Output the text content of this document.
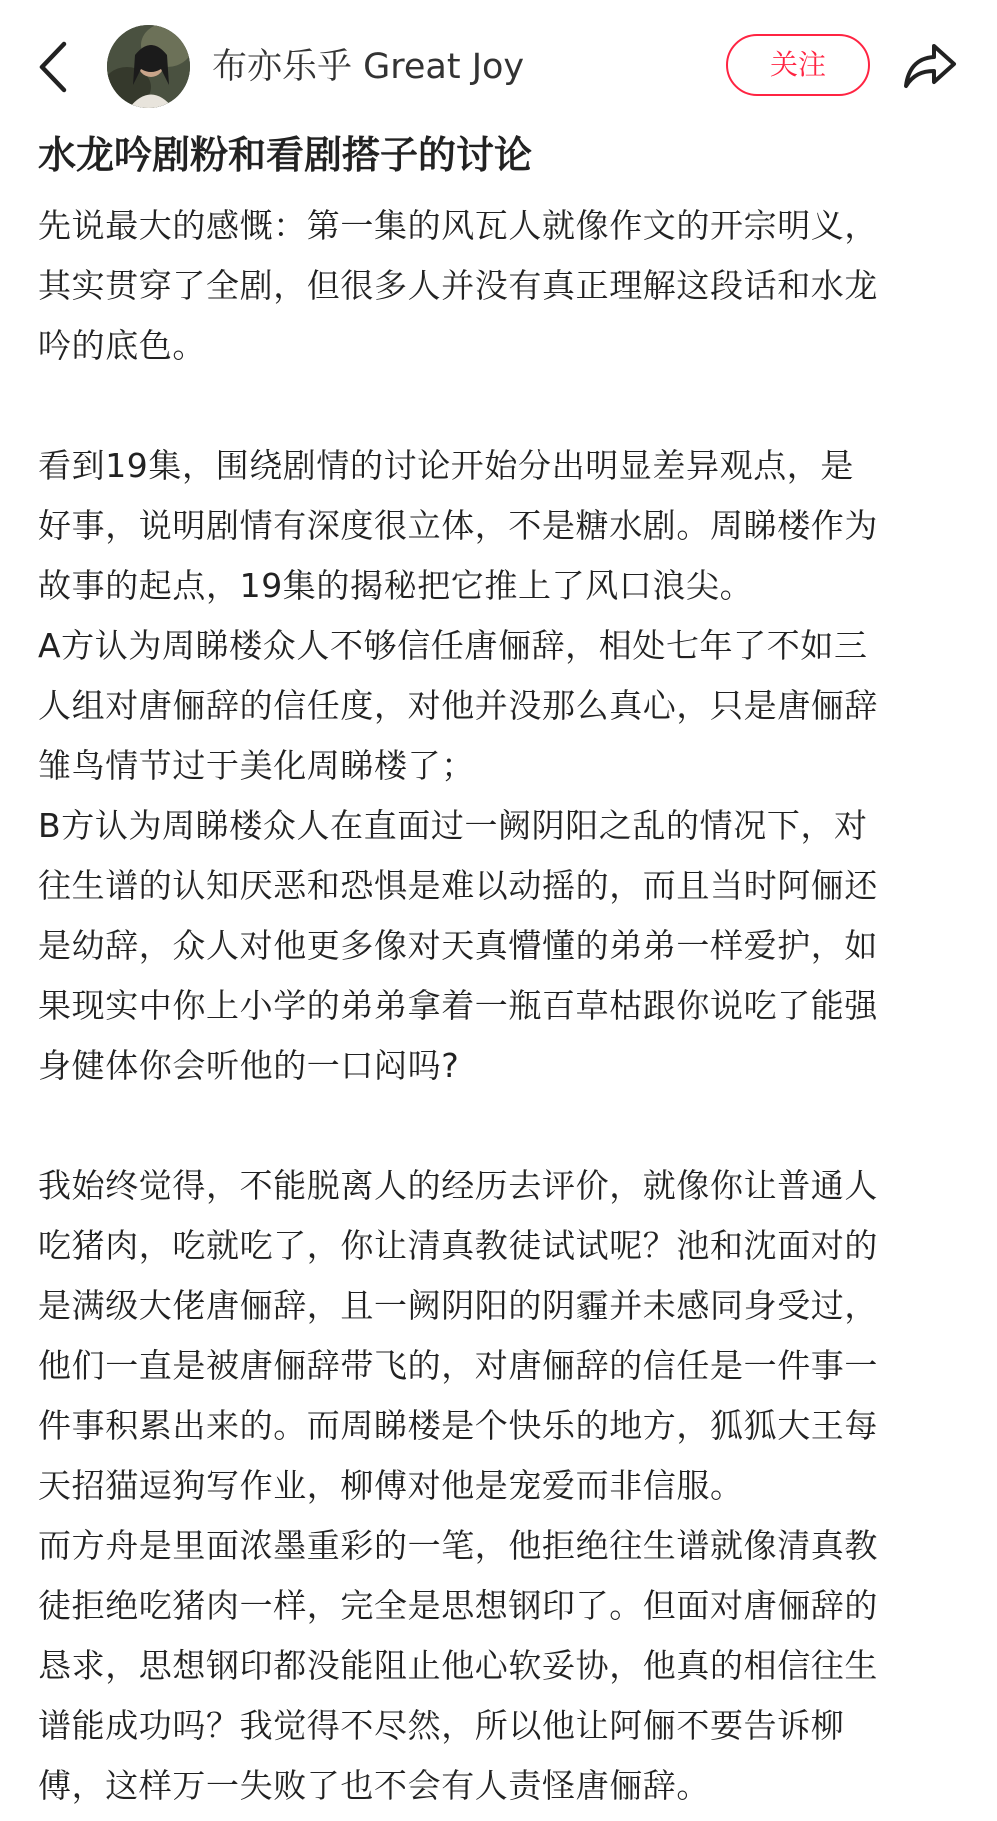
布亦乐乎 Great Joy	关注
水龙吟剧粉和看剧搭子的讨论
先说最大的感慨：第一集的风瓦人就像作文的开宗明义，
其实贯穿了全剧，但很多人并没有真正理解这段话和水龙
吟的底色。
看到19集，围绕剧情的讨论开始分出明显差异观点，是
好事，说明剧情有深度很立体，不是糖水剧。周睇楼作为
故事的起点，19集的揭秘把它推上了风口浪尖。
A方认为周睇楼众人不够信任唐俪辞，相处七年了不如三
人组对唐俪辞的信任度，对他并没那么真心，只是唐俪辞
雏鸟情节过于美化周睇楼了；
B方认为周睇楼众人在直面过一阙阴阳之乱的情况下，对
往生谱的认知厌恶和恐惧是难以动摇的，而且当时阿俪还
是幼辞，众人对他更多像对天真懵懂的弟弟一样爱护，如
果现实中你上小学的弟弟拿着一瓶百草枯跟你说吃了能强
身健体你会听他的一口闷吗?
我始终觉得，不能脱离人的经历去评价，就像你让普通人
吃猪肉，吃就吃了，你让清真教徒试试呢？池和沈面对的
是满级大佬唐俪辞，且一阙阴阳的阴霾并未感同身受过，
他们一直是被唐俪辞带飞的，对唐俪辞的信任是一件事一
件事积累出来的。而周睇楼是个快乐的地方，狐狐大王每
天招猫逗狗写作业，柳傅对他是宠爱而非信服。
而方舟是里面浓墨重彩的一笔，他拒绝往生谱就像清真教
徒拒绝吃猪肉一样，完全是思想钢印了。但面对唐俪辞的
恳求，思想钢印都没能阻止他心软妥协，他真的相信往生
谱能成功吗？我觉得不尽然，所以他让阿俪不要告诉柳
傅，这样万一失败了也不会有人责怪唐俪辞。
